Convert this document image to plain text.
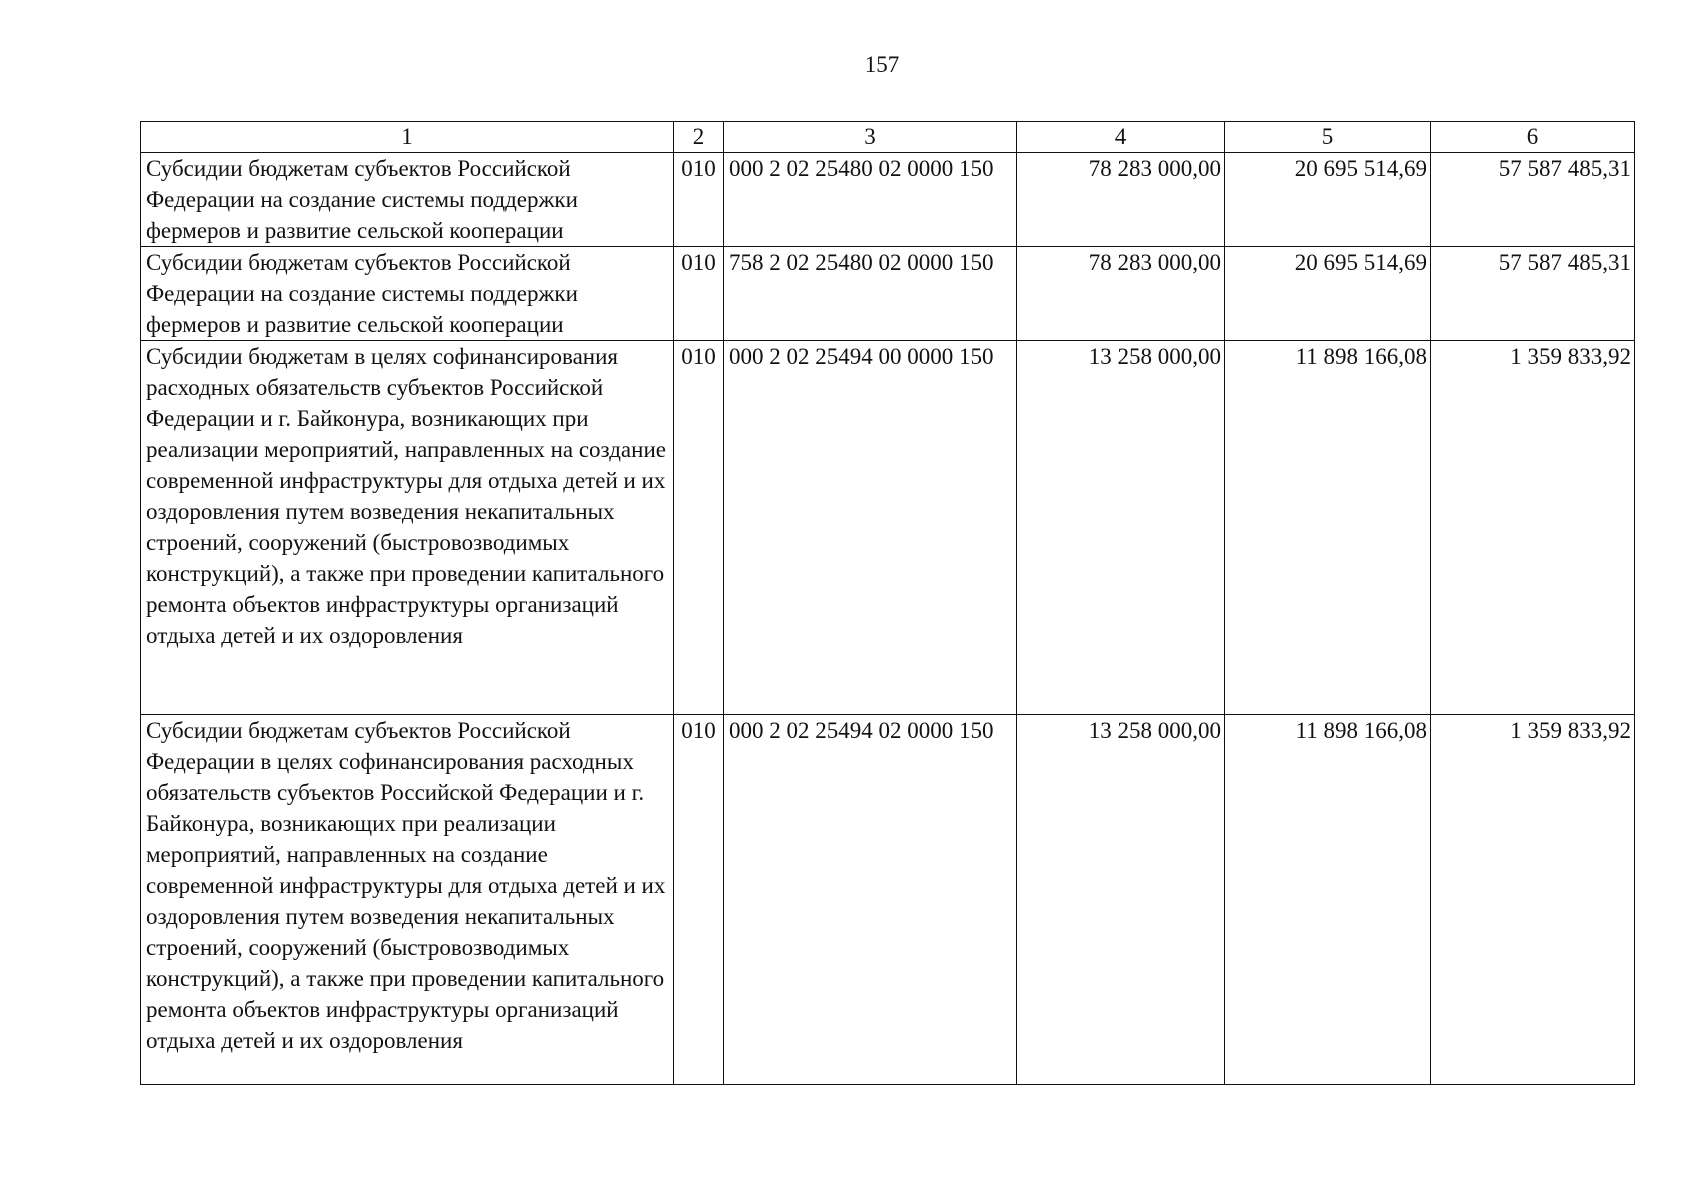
157
1	2	3	4	5	6
Субсидии бюджетам субъектов Российской Федерации на создание системы поддержки фермеров и развитие сельской кооперации	010	000 2 02 25480 02 0000 150	78 283 000,00	20 695 514,69	57 587 485,31
Субсидии бюджетам субъектов Российской Федерации на создание системы поддержки фермеров и развитие сельской кооперации	010	758 2 02 25480 02 0000 150	78 283 000,00	20 695 514,69	57 587 485,31
Субсидии бюджетам в целях софинансирования расходных обязательств субъектов Российской Федерации и г. Байконура, возникающих при реализации мероприятий, направленных на создание современной инфраструктуры для отдыха детей и их оздоровления путем возведения некапитальных строений, сооружений (быстровозводимых конструкций), а также при проведении капитального ремонта объектов инфраструктуры организаций отдыха детей и их оздоровления	010	000 2 02 25494 00 0000 150	13 258 000,00	11 898 166,08	1 359 833,92
Субсидии бюджетам субъектов Российской Федерации в целях софинансирования расходных обязательств субъектов Российской Федерации и г. Байконура, возникающих при реализации мероприятий, направленных на создание современной инфраструктуры для отдыха детей и их оздоровления путем возведения некапитальных строений, сооружений (быстровозводимых конструкций), а также при проведении капитального ремонта объектов инфраструктуры организаций отдыха детей и их оздоровления	010	000 2 02 25494 02 0000 150	13 258 000,00	11 898 166,08	1 359 833,92
